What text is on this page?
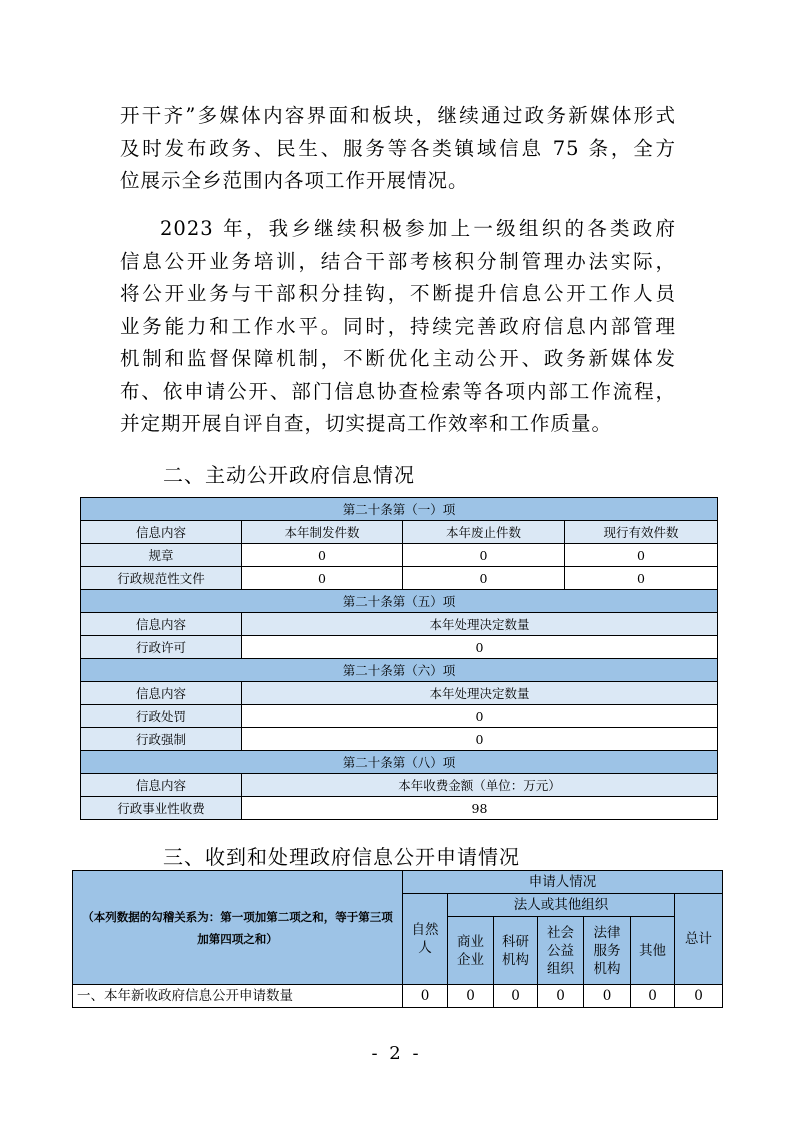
开干齐”多媒体内容界面和板块，继续通过政务新媒体形式
及时发布政务、民生、服务等各类镇域信息 75 条，全方
位展示全乡范围内各项工作开展情况。
2023 年，我乡继续积极参加上一级组织的各类政府
信息公开业务培训，结合干部考核积分制管理办法实际，
将公开业务与干部积分挂钩，不断提升信息公开工作人员
业务能力和工作水平。同时，持续完善政府信息内部管理
机制和监督保障机制，不断优化主动公开、政务新媒体发
布、依申请公开、部门信息协查检索等各项内部工作流程，
并定期开展自评自查，切实提高工作效率和工作质量。
二、主动公开政府信息情况
第二十条第（一）项			
信息内容	本年制发件数	本年废止件数	现行有效件数
规章	0	0	0
行政规范性文件	0	0	0
第二十条第（五）项			
信息内容	本年处理决定数量		
行政许可	0		
第二十条第（六）项			
信息内容	本年处理决定数量		
行政处罚	0		
行政强制	0		
第二十条第（八）项			
信息内容	本年收费金额（单位：万元）		
行政事业性收费	98		
三、收到和处理政府信息公开申请情况
（本列数据的勾稽关系为：第一项加第二项之和，等于第三项加第四项之和）	申请人情况						
	自然人	法人或其他组织					总计
		商业企业	科研机构	社会公益组织	法律服务机构	其他	
一、本年新收政府信息公开申请数量	0	0	0	0	0	0	0
- 2 -
